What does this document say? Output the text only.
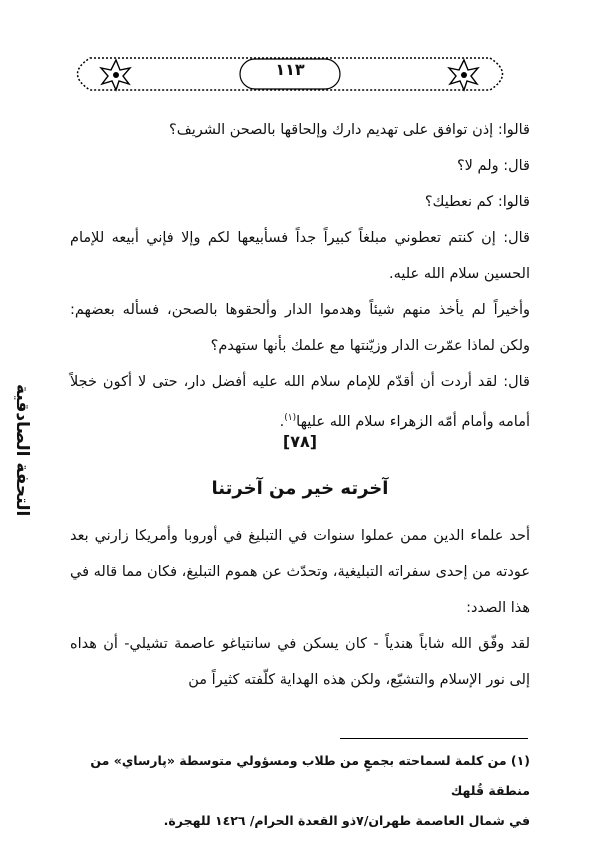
١١٣
التحفة الصادقية

قالوا: إذن توافق على تهديم دارك وإلحاقها بالصحن الشريف؟

قال: ولم لا؟

قالوا: كم نعطيك؟

قال: إن كنتم تعطوني مبلغاً كبيراً جداً فسأبيعها لكم وإلا فإني أبيعه للإمام الحسين سلام الله عليه.

وأخيراً لم يأخذ منهم شيئاً وهدموا الدار وألحقوها بالصحن، فسأله بعضهم: ولكن لماذا عمّرت الدار وزيّنتها مع علمك بأنها ستهدم؟

قال: لقد أردت أن أقدّم للإمام سلام الله عليه أفضل دار، حتى لا أكون خجلاً أمامه وأمام أمّه الزهراء سلام الله عليها$^{(١)}$.

[٧٨]
آخرته خير من آخرتنا

أحد علماء الدين ممن عملوا سنوات في التبليغ في أوروبا وأمريكا زارني بعد عودته من إحدى سفراته التبليغية، وتحدّث عن هموم التبليغ، فكان مما قاله في هذا الصدد:

لقد وفّق الله شاباً هندياً - كان يسكن في سانتياغو عاصمة تشيلي- أن هداه إلى نور الإسلام والتشيّع، ولكن هذه الهداية كلّفته كثيراً من

(١) من كلمة لسماحته بجمعٍ من طلاب ومسؤولي متوسطة «پارساي» من منطقة قُلهك

في شمال العاصمة طهران/٧ذو القعدة الحرام/ ١٤٢٦ للهجرة.
